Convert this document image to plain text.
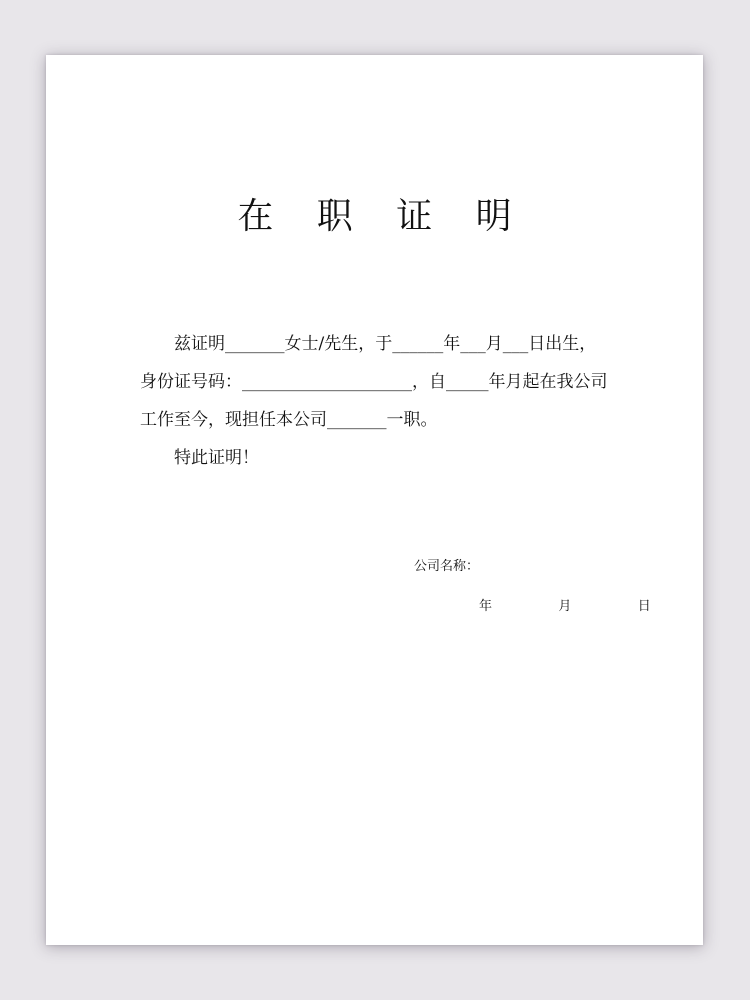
在 职 证 明

兹证明_______女士/先生，于______年___月___日出生，身份证号码：____________________，自_____年月起在我公司工作至今，现担任本公司_______一职。

特此证明！

公司名称：
年   月   日
